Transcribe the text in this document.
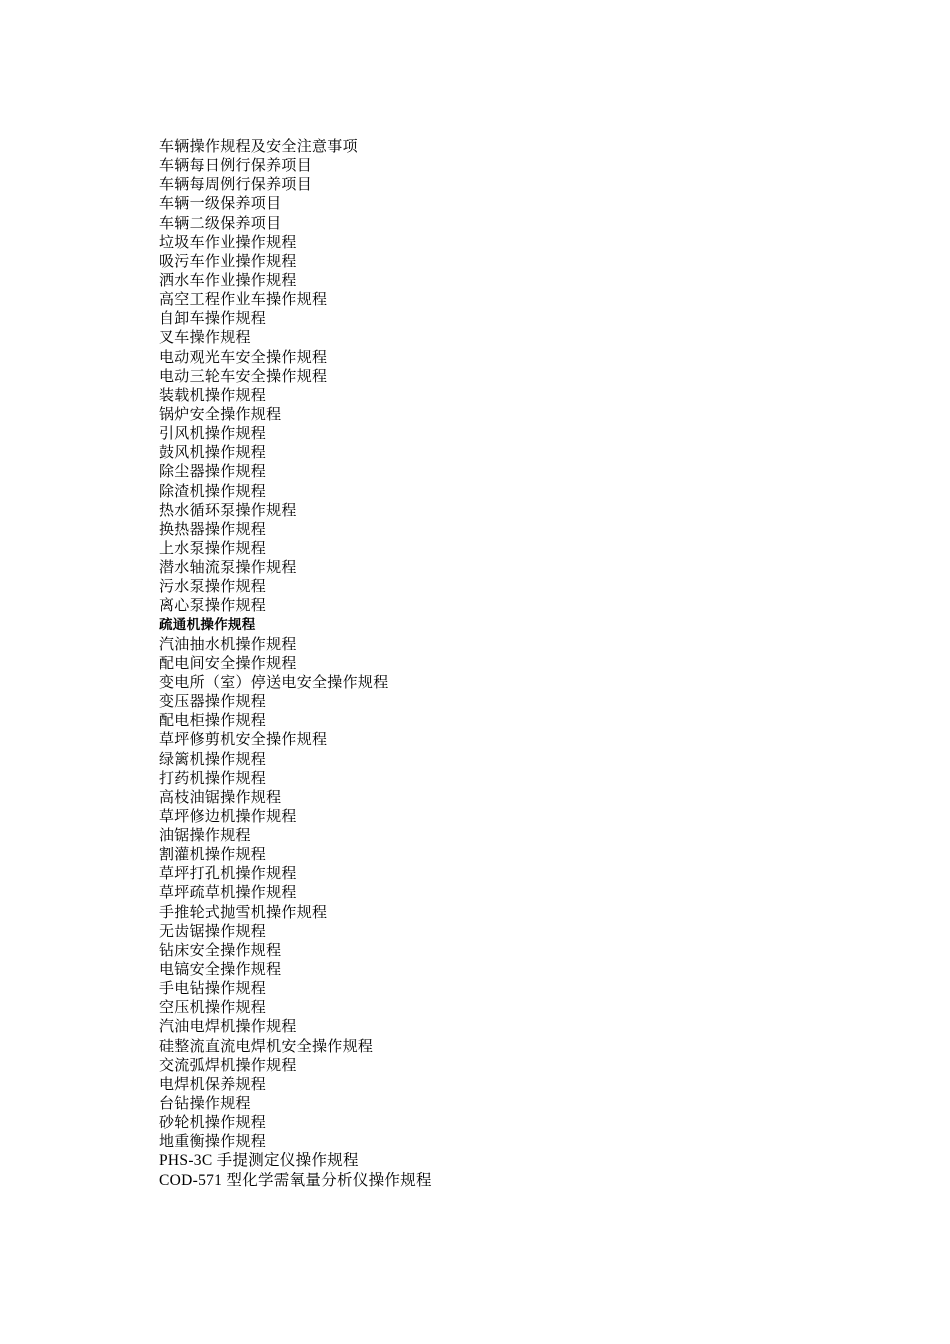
车辆操作规程及安全注意事项
车辆每日例行保养项目
车辆每周例行保养项目
车辆一级保养项目
车辆二级保养项目
垃圾车作业操作规程
吸污车作业操作规程
洒水车作业操作规程
高空工程作业车操作规程
自卸车操作规程
叉车操作规程
电动观光车安全操作规程
电动三轮车安全操作规程
装载机操作规程
锅炉安全操作规程
引风机操作规程
鼓风机操作规程
除尘器操作规程
除渣机操作规程
热水循环泵操作规程
换热器操作规程
上水泵操作规程
潜水轴流泵操作规程
污水泵操作规程
离心泵操作规程
疏通机操作规程
汽油抽水机操作规程
配电间安全操作规程
变电所（室）停送电安全操作规程
变压器操作规程
配电柜操作规程
草坪修剪机安全操作规程
绿篱机操作规程
打药机操作规程
高枝油锯操作规程
草坪修边机操作规程
油锯操作规程
割灌机操作规程
草坪打孔机操作规程
草坪疏草机操作规程
手推轮式抛雪机操作规程
无齿锯操作规程
钻床安全操作规程
电镐安全操作规程
手电钻操作规程
空压机操作规程
汽油电焊机操作规程
硅整流直流电焊机安全操作规程
交流弧焊机操作规程
电焊机保养规程
台钻操作规程
砂轮机操作规程
地重衡操作规程
PHS-3C 手提测定仪操作规程
COD-571 型化学需氧量分析仪操作规程
